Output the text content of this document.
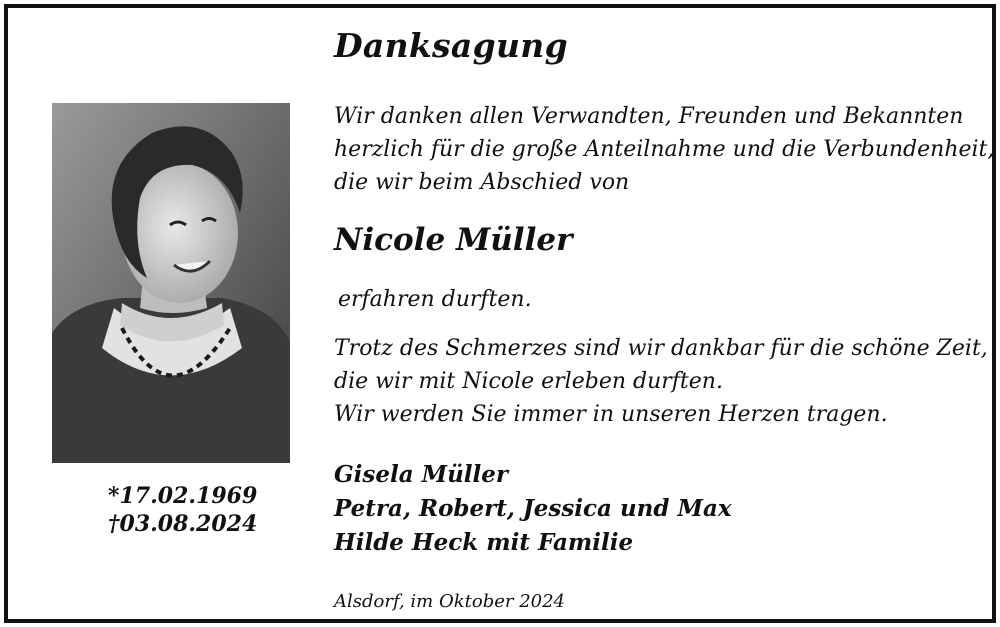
Danksagung
*17.02.1969
†03.08.2024
Wir danken allen Verwandten, Freunden und Bekannten
herzlich für die große Anteilnahme und die Verbundenheit,
die wir beim Abschied von
Nicole Müller
erfahren durften.
Trotz des Schmerzes sind wir dankbar für die schöne Zeit,
die wir mit Nicole erleben durften.
Wir werden Sie immer in unseren Herzen tragen.
Gisela Müller
Petra, Robert, Jessica und Max
Hilde Heck mit Familie
Alsdorf, im Oktober 2024
